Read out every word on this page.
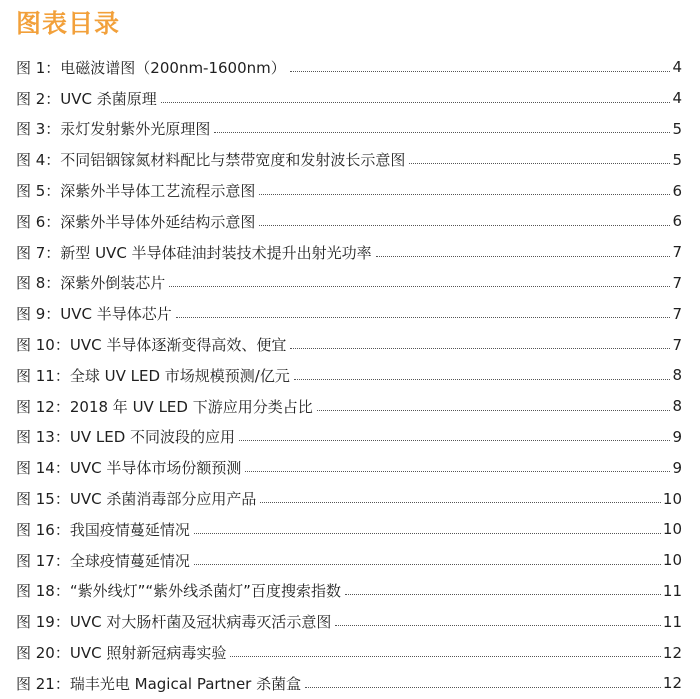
图表目录
图 1：电磁波谱图（200nm-1600nm）	4
图 2：UVC 杀菌原理	4
图 3：汞灯发射紫外光原理图	5
图 4：不同铝铟镓氮材料配比与禁带宽度和发射波长示意图	5
图 5：深紫外半导体工艺流程示意图	6
图 6：深紫外半导体外延结构示意图	6
图 7：新型 UVC 半导体硅油封装技术提升出射光功率	7
图 8：深紫外倒装芯片	7
图 9：UVC 半导体芯片	7
图 10：UVC 半导体逐渐变得高效、便宜	7
图 11：全球 UV LED 市场规模预测/亿元	8
图 12：2018 年 UV LED 下游应用分类占比	8
图 13：UV LED 不同波段的应用	9
图 14：UVC 半导体市场份额预测	9
图 15：UVC 杀菌消毒部分应用产品	10
图 16：我国疫情蔓延情况	10
图 17：全球疫情蔓延情况	10
图 18：“紫外线灯”“紫外线杀菌灯”百度搜索指数	11
图 19：UVC 对大肠杆菌及冠状病毒灭活示意图	11
图 20：UVC 照射新冠病毒实验	12
图 21：瑞丰光电 Magical Partner 杀菌盒	12
